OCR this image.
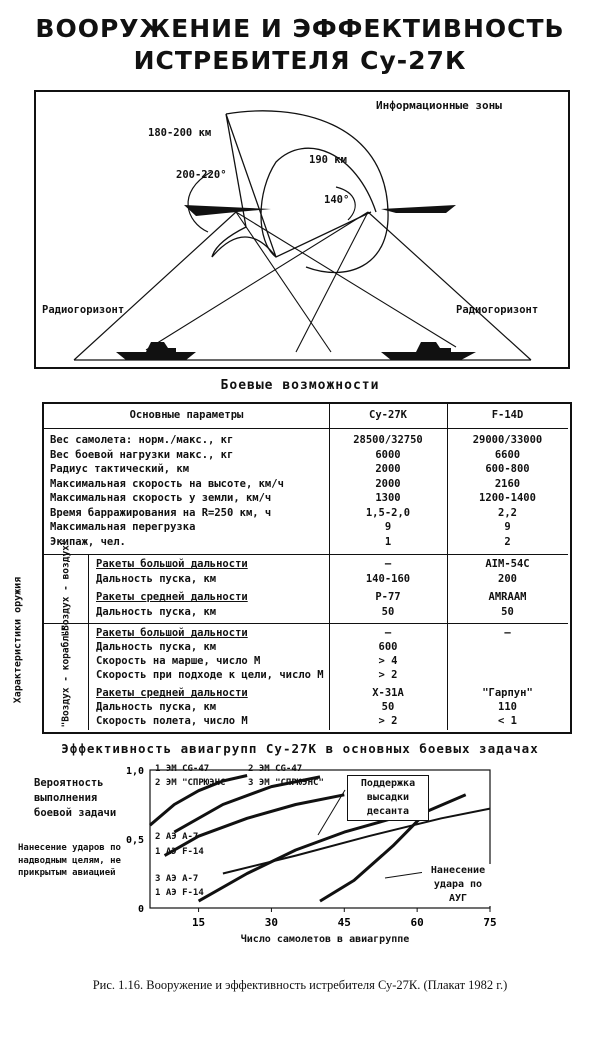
ВООРУЖЕНИЕ И ЭФФЕКТИВНОСТЬ
ИСТРЕБИТЕЛЯ Су-27К
Информационные зоны
180-200 км
200-220°
190 км
140°
Радиогоризонт	Радиогоризонт
Боевые возможности
Основные параметры	Су-27К	F-14D
Вес самолета: норм./макс., кг	28500/32750	29000/33000
Вес боевой нагрузки макс., кг	6000	6600
Радиус тактический, км	2000	600-800
Максимальная скорость на высоте, км/ч	2000	2160
Максимальная скорость у земли, км/ч	1300	1200-1400
Время барражирования на R=250 км, ч	1,5-2,0	2,2
Максимальная перегрузка	9	9
Экипаж, чел.	1	2
Ракеты большой дальности	—	AIM-54C
Дальность пуска, км	140-160	200
Ракеты средней дальности	Р-77	AMRAAM
Дальность пуска, км	50	50
Ракеты большой дальности	—	—
Дальность пуска, км	600
Скорость на марше, число М	> 4
Скорость при подходе к цели, число М	> 2
Ракеты средней дальности	Х-31А	"Гарпун"
Дальность пуска, км	50	110
Скорость полета, число М	> 2	< 1
"Воздух - воздух"
"Воздух - корабль"
Характеристики оружия
Эффективность авиагрупп Су-27К в основных боевых задачах
15	30	45	60	75
1,0
0,5
0
Вероятность выполнения боевой задачи
Нанесение ударов по надводным целям, не прикрытым авиацией
Число самолетов в авиагруппе
1 ЭМ CG-47
2 ЭМ "СПРЮЭНС"
2 ЭМ CG-47
3 ЭМ "СПРЮЭНС"
2 АЭ А-7
1 АЭ F-14
3 АЭ А-7
1 АЭ F-14
Поддержка высадки десанта
Нанесение удара по АУГ
Рис. 1.16. Вооружение и эффективность истребителя Су-27К. (Плакат 1982 г.)
